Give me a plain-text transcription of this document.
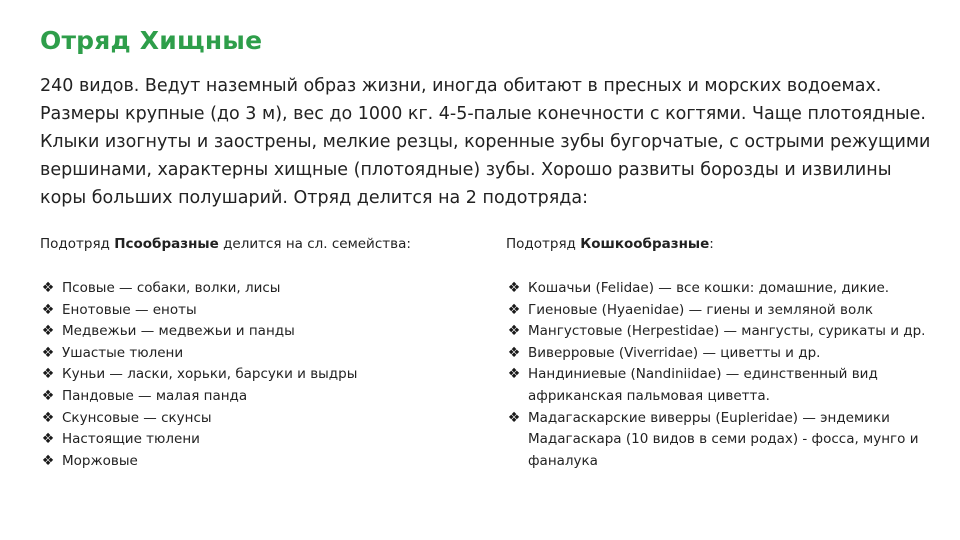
Отряд Хищные
240 видов. Ведут наземный образ жизни, иногда обитают в пресных и морских водоемах. Размеры крупные (до 3 м), вес до 1000 кг. 4-5-палые конечности с когтями. Чаще плотоядные. Клыки изогнуты и заострены, мелкие резцы, коренные зубы бугорчатые, с острыми режущими вершинами, характерны хищные (плотоядные) зубы. Хорошо развиты борозды и извилины коры больших полушарий. Отряд делится на 2 подотряда:
Подотряд Псообразные делится на сл. семейства:
❖ Псовые — собаки, волки, лисы
❖ Енотовые — еноты
❖ Медвежьи — медвежьи и панды
❖ Ушастые тюлени
❖ Куньи — ласки, хорьки, барсуки и выдры
❖ Пандовые — малая панда
❖ Скунсовые — скунсы
❖ Настоящие тюлени
❖ Моржовые
Подотряд Кошкообразные:
❖ Кошачьи (Felidae) — все кошки: домашние, дикие.
❖ Гиеновые (Hyaenidae) — гиены и земляной волк
❖ Мангустовые (Herpestidae) — мангусты, сурикаты и др.
❖ Виверровые (Viverridae) — циветты и др.
❖ Нандиниевые (Nandiniidae) — единственный вид африканская пальмовая циветта.
❖ Мадагаскарские виверры (Eupleridae) — эндемики Мадагаскара (10 видов в семи родах) - фосса, мунго и фаналука
